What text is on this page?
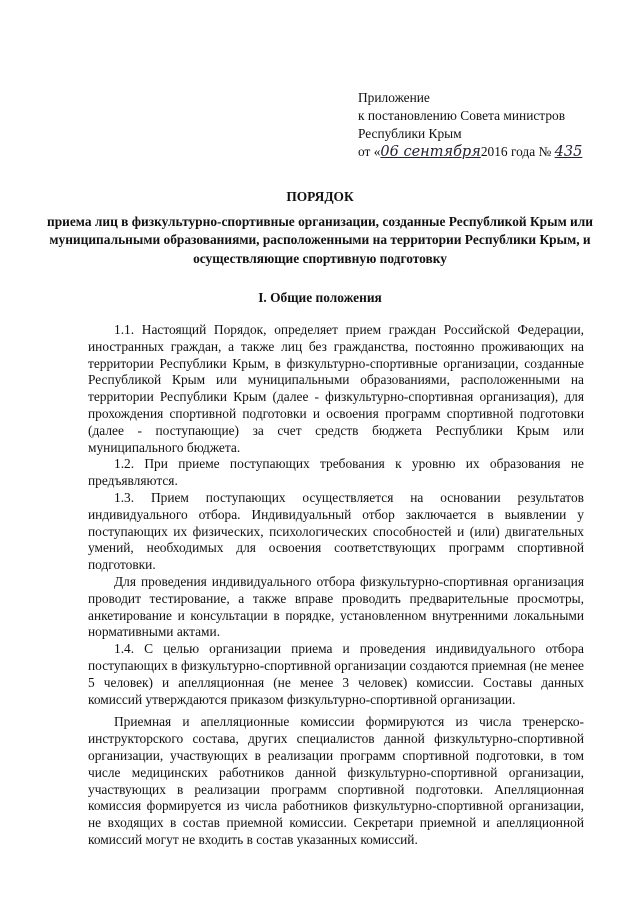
Приложение
к постановлению Совета министров
Республики Крым
от «06 сентября2016 года № 435
ПОРЯДОК
приема лиц в физкультурно-спортивные организации, созданные Республикой Крым или муниципальными образованиями, расположенными на территории Республики Крым, и осуществляющие спортивную подготовку
I. Общие положения

1.1. Настоящий Порядок, определяет прием граждан Российской Федерации, иностранных граждан, а также лиц без гражданства, постоянно проживающих на территории Республики Крым, в физкультурно-спортивные организации, созданные Республикой Крым или муниципальными образованиями, расположенными на территории Республики Крым (далее - физкультурно-спортивная организация), для прохождения спортивной подготовки и освоения программ спортивной подготовки (далее - поступающие) за счет средств бюджета Республики Крым или муниципального бюджета.

1.2. При приеме поступающих требования к уровню их образования не предъявляются.

1.3. Прием поступающих осуществляется на основании результатов индивидуального отбора. Индивидуальный отбор заключается в выявлении у поступающих их физических, психологических способностей и (или) двигательных умений, необходимых для освоения соответствующих программ спортивной подготовки.

Для проведения индивидуального отбора физкультурно-спортивная организация проводит тестирование, а также вправе проводить предварительные просмотры, анкетирование и консультации в порядке, установленном внутренними локальными нормативными актами.

1.4. С целью организации приема и проведения индивидуального отбора поступающих в физкультурно-спортивной организации создаются приемная (не менее 5 человек) и апелляционная (не менее 3 человек) комиссии. Составы данных комиссий утверждаются приказом физкультурно-спортивной организации.

Приемная и апелляционные комиссии формируются из числа тренерско-инструкторского состава, других специалистов данной физкультурно-спортивной организации, участвующих в реализации программ спортивной подготовки, в том числе медицинских работников данной физкультурно-спортивной организации, участвующих в реализации программ спортивной подготовки. Апелляционная комиссия формируется из числа работников физкультурно-спортивной организации, не входящих в состав приемной комиссии. Секретари приемной и апелляционной комиссий могут не входить в состав указанных комиссий.
